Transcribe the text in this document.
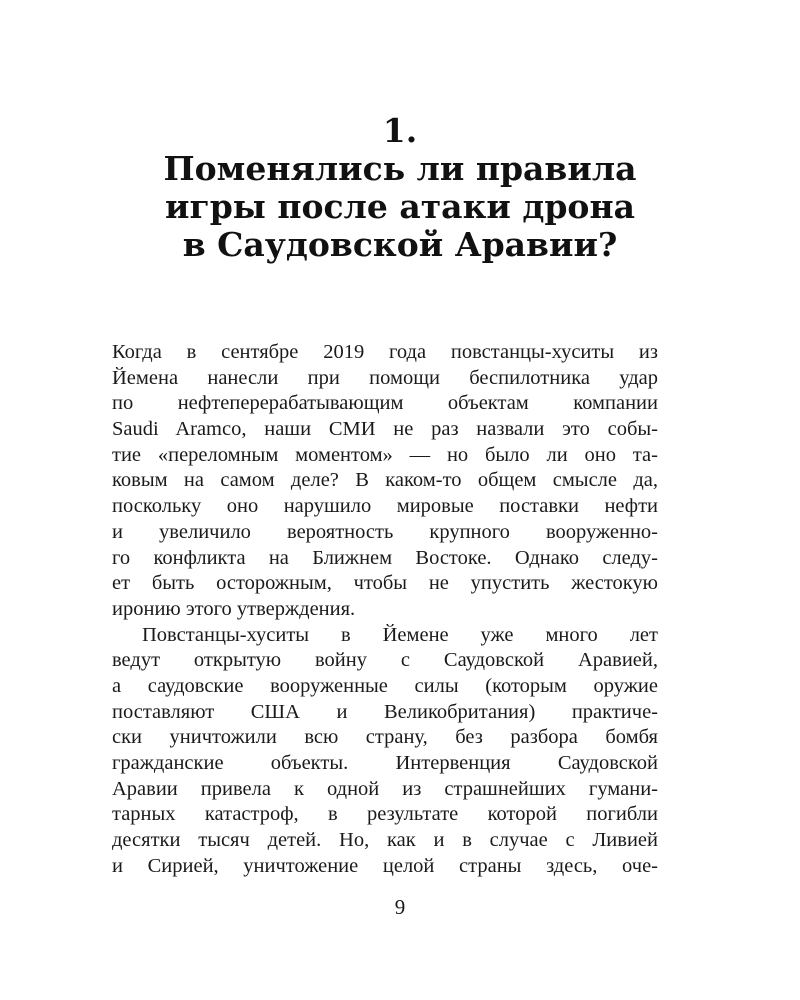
1.
Поменялись ли правила
игры после атаки дрона
в Саудовской Аравии?
Когда в сентябре 2019 года повстанцы-хуситы из
Йемена нанесли при помощи беспилотника удар
по нефтеперерабатывающим объектам компании
Saudi Aramco, наши СМИ не раз назвали это собы-
тие «переломным моментом» — но было ли оно та-
ковым на самом деле? В каком-то общем смысле да,
поскольку оно нарушило мировые поставки нефти
и увеличило вероятность крупного вооруженно-
го конфликта на Ближнем Востоке. Однако следу-
ет быть осторожным, чтобы не упустить жестокую
иронию этого утверждения.
Повстанцы-хуситы в Йемене уже много лет
ведут открытую войну с Саудовской Аравией,
а саудовские вооруженные силы (которым оружие
поставляют США и Великобритания) практиче-
ски уничтожили всю страну, без разбора бомбя
гражданские объекты. Интервенция Саудовской
Аравии привела к одной из страшнейших гумани-
тарных катастроф, в результате которой погибли
десятки тысяч детей. Но, как и в случае с Ливией
и Сирией, уничтожение целой страны здесь, оче-
9
